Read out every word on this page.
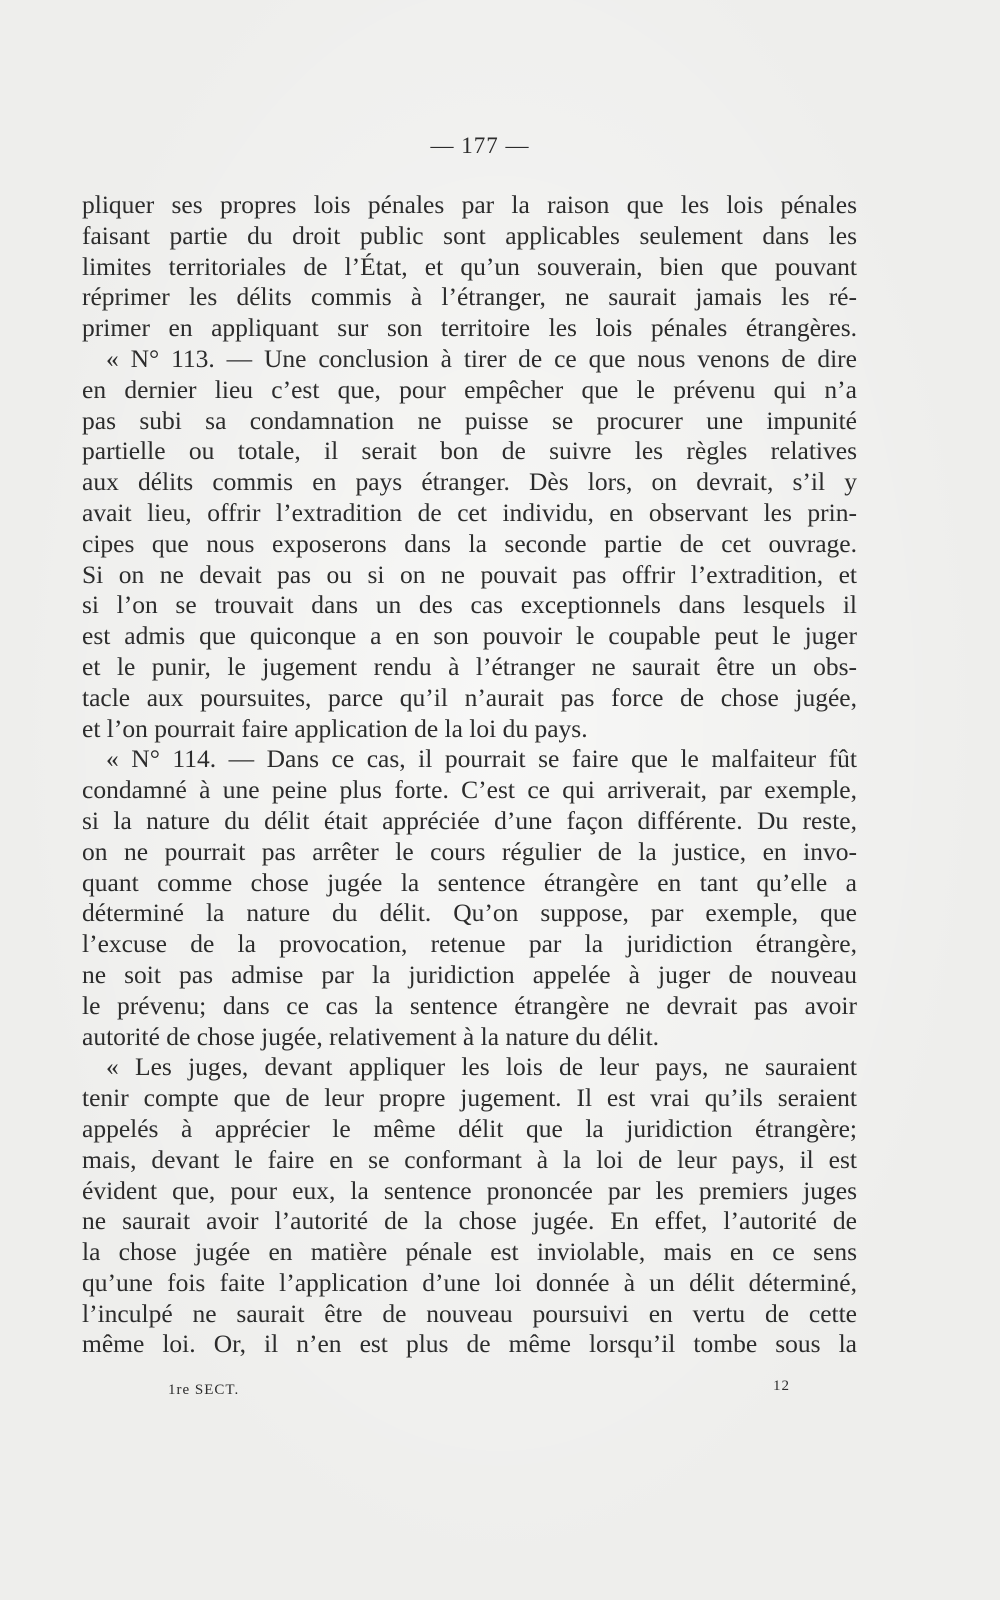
— 177 —
pliquer ses propres lois pénales par la raison que les lois pénales
faisant partie du droit public sont applicables seulement dans les
limites territoriales de l’État, et qu’un souverain, bien que pouvant
réprimer les délits commis à l’étranger, ne saurait jamais les ré-
primer en appliquant sur son territoire les lois pénales étrangères.
« N° 113. — Une conclusion à tirer de ce que nous venons de dire
en dernier lieu c’est que, pour empêcher que le prévenu qui n’a
pas subi sa condamnation ne puisse se procurer une impunité
partielle ou totale, il serait bon de suivre les règles relatives
aux délits commis en pays étranger. Dès lors, on devrait, s’il y
avait lieu, offrir l’extradition de cet individu, en observant les prin-
cipes que nous exposerons dans la seconde partie de cet ouvrage.
Si on ne devait pas ou si on ne pouvait pas offrir l’extradition, et
si l’on se trouvait dans un des cas exceptionnels dans lesquels il
est admis que quiconque a en son pouvoir le coupable peut le juger
et le punir, le jugement rendu à l’étranger ne saurait être un obs-
tacle aux poursuites, parce qu’il n’aurait pas force de chose jugée,
et l’on pourrait faire application de la loi du pays.
« N° 114. — Dans ce cas, il pourrait se faire que le malfaiteur fût
condamné à une peine plus forte. C’est ce qui arriverait, par exemple,
si la nature du délit était appréciée d’une façon différente. Du reste,
on ne pourrait pas arrêter le cours régulier de la justice, en invo-
quant comme chose jugée la sentence étrangère en tant qu’elle a
déterminé la nature du délit. Qu’on suppose, par exemple, que
l’excuse de la provocation, retenue par la juridiction étrangère,
ne soit pas admise par la juridiction appelée à juger de nouveau
le prévenu; dans ce cas la sentence étrangère ne devrait pas avoir
autorité de chose jugée, relativement à la nature du délit.
« Les juges, devant appliquer les lois de leur pays, ne sauraient
tenir compte que de leur propre jugement. Il est vrai qu’ils seraient
appelés à apprécier le même délit que la juridiction étrangère;
mais, devant le faire en se conformant à la loi de leur pays, il est
évident que, pour eux, la sentence prononcée par les premiers juges
ne saurait avoir l’autorité de la chose jugée. En effet, l’autorité de
la chose jugée en matière pénale est inviolable, mais en ce sens
qu’une fois faite l’application d’une loi donnée à un délit déterminé,
l’inculpé ne saurait être de nouveau poursuivi en vertu de cette
même loi. Or, il n’en est plus de même lorsqu’il tombe sous la
1re SECT.	12
